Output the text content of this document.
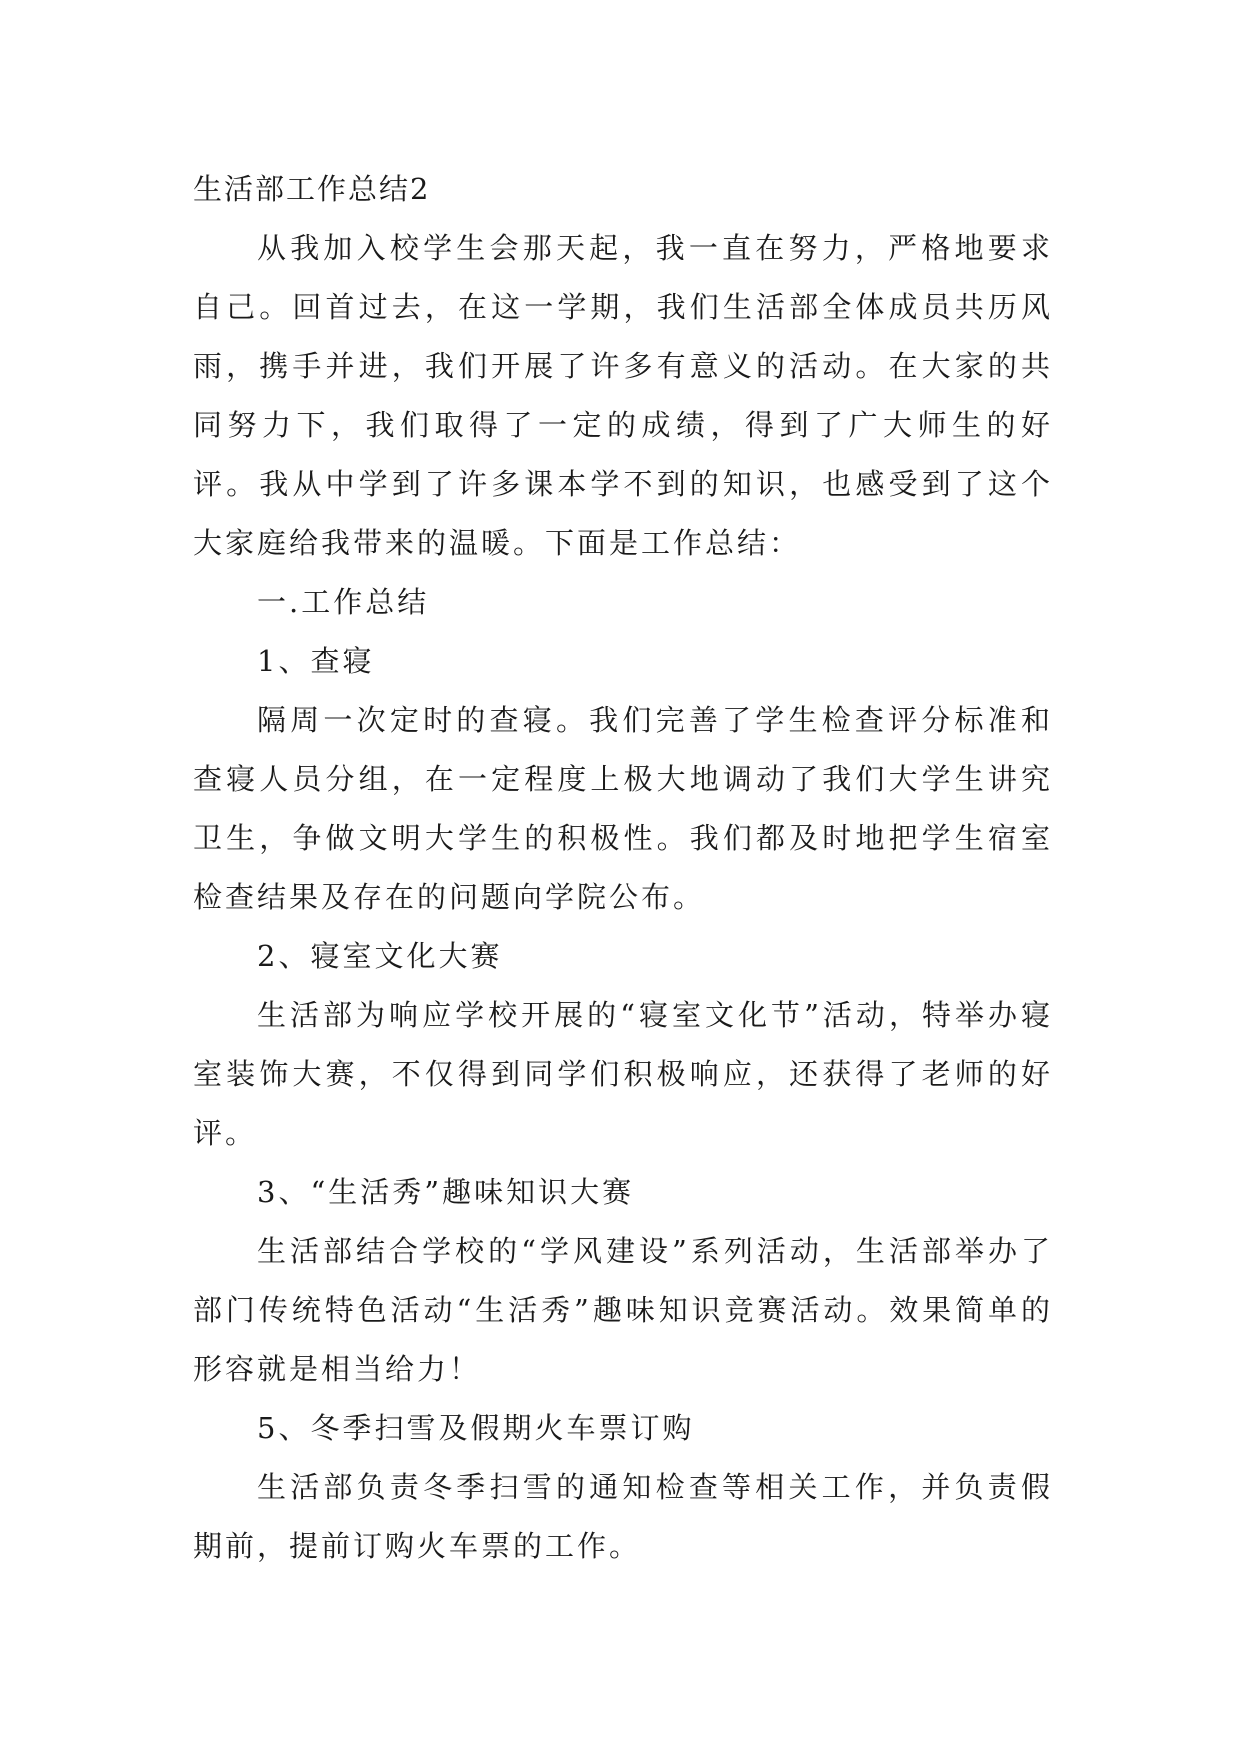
生活部工作总结2

从我加入校学生会那天起，我一直在努力，严格地要求自己。回首过去，在这一学期，我们生活部全体成员共历风雨，携手并进，我们开展了许多有意义的活动。在大家的共同努力下，我们取得了一定的成绩，得到了广大师生的好评。我从中学到了许多课本学不到的知识，也感受到了这个大家庭给我带来的温暖。下面是工作总结：

一.工作总结

1、查寝

隔周一次定时的查寝。我们完善了学生检查评分标准和查寝人员分组，在一定程度上极大地调动了我们大学生讲究卫生，争做文明大学生的积极性。我们都及时地把学生宿室检查结果及存在的问题向学院公布。

2、寝室文化大赛

生活部为响应学校开展的“寝室文化节”活动，特举办寝室装饰大赛，不仅得到同学们积极响应，还获得了老师的好评。

3、“生活秀”趣味知识大赛

生活部结合学校的“学风建设”系列活动，生活部举办了部门传统特色活动“生活秀”趣味知识竞赛活动。效果简单的形容就是相当给力！

5、冬季扫雪及假期火车票订购

生活部负责冬季扫雪的通知检查等相关工作，并负责假期前，提前订购火车票的工作。
